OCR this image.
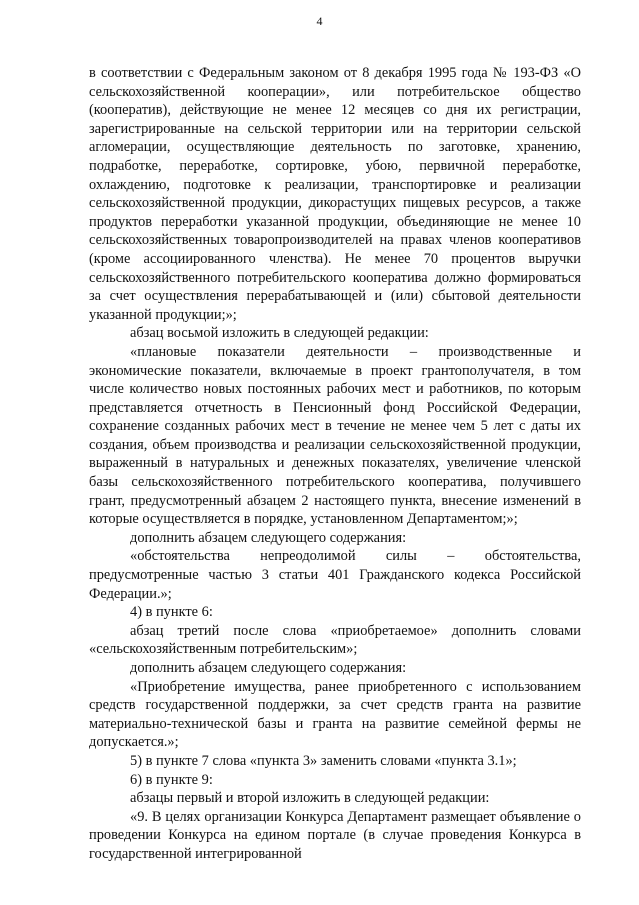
4

в соответствии с Федеральным законом от 8 декабря 1995 года № 193-ФЗ «О сельскохозяйственной кооперации», или потребительское общество (кооператив), действующие не менее 12 месяцев со дня их регистрации, зарегистрированные на сельской территории или на территории сельской агломерации, осуществляющие деятельность по заготовке, хранению, подработке, переработке, сортировке, убою, первичной переработке, охлаждению, подготовке к реализации, транспортировке и реализации сельскохозяйственной продукции, дикорастущих пищевых ресурсов, а также продуктов переработки указанной продукции, объединяющие не менее 10 сельскохозяйственных товаропроизводителей на правах членов кооперативов (кроме ассоциированного членства). Не менее 70 процентов выручки сельскохозяйственного потребительского кооператива должно формироваться за счет осуществления перерабатывающей и (или) сбытовой деятельности указанной продукции;»;

абзац восьмой изложить в следующей редакции:

«плановые показатели деятельности – производственные и экономические показатели, включаемые в проект грантополучателя, в том числе количество новых постоянных рабочих мест и работников, по которым представляется отчетность в Пенсионный фонд Российской Федерации, сохранение созданных рабочих мест в течение не менее чем 5 лет с даты их создания, объем производства и реализации сельскохозяйственной продукции, выраженный в натуральных и денежных показателях, увеличение членской базы сельскохозяйственного потребительского кооператива, получившего грант, предусмотренный абзацем 2 настоящего пункта, внесение изменений в которые осуществляется в порядке, установленном Департаментом;»;

дополнить абзацем следующего содержания:

«обстоятельства непреодолимой силы – обстоятельства, предусмотренные частью 3 статьи 401 Гражданского кодекса Российской Федерации.»;

4) в пункте 6:

абзац третий после слова «приобретаемое» дополнить словами «сельскохозяйственным потребительским»;

дополнить абзацем следующего содержания:

«Приобретение имущества, ранее приобретенного с использованием средств государственной поддержки, за счет средств гранта на развитие материально-технической базы и гранта на развитие семейной фермы не допускается.»;

5) в пункте 7 слова «пункта 3» заменить словами «пункта 3.1»;

6) в пункте 9:

абзацы первый и второй изложить в следующей редакции:

«9. В целях организации Конкурса Департамент размещает объявление о проведении Конкурса на едином портале (в случае проведения Конкурса в государственной интегрированной
